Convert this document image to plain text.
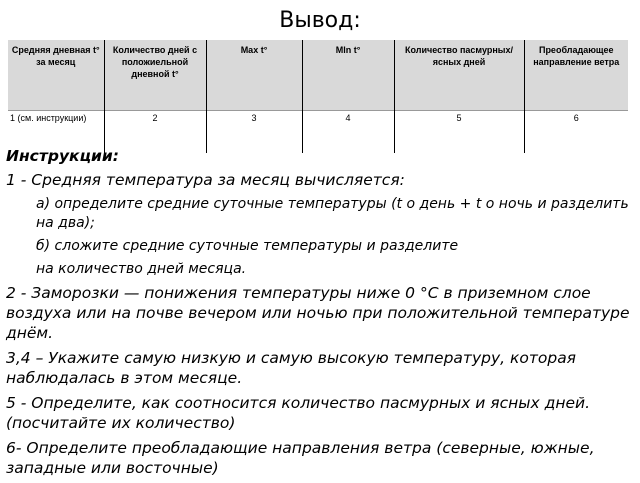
Вывод:
Средняя дневная t° за месяц	Количество дней с положиельной дневной t°	Max t°	Mln t°	Количество пасмурных/ясных дней	Преобладающее направление ветра
1 (см. инструкции)	2	3	4	5	6

Инструкции:

1 - Средняя температура за месяц вычисляется:

а) определите средние суточные температуры (t о день + t о ночь и разделить на два);

б) сложите средние суточные температуры и разделите

на количество дней месяца.

2 - Заморозки — понижения температуры ниже 0 °С в приземном слое воздуха или на почве вечером или ночью при положительной температуре днём.

3,4 – Укажите самую низкую и самую высокую температуру, которая наблюдалась в этом месяце.

5 - Определите, как соотносится количество пасмурных и ясных дней. (посчитайте их количество)

6- Определите преобладающие направления ветра (северные, южные, западные или восточные)
